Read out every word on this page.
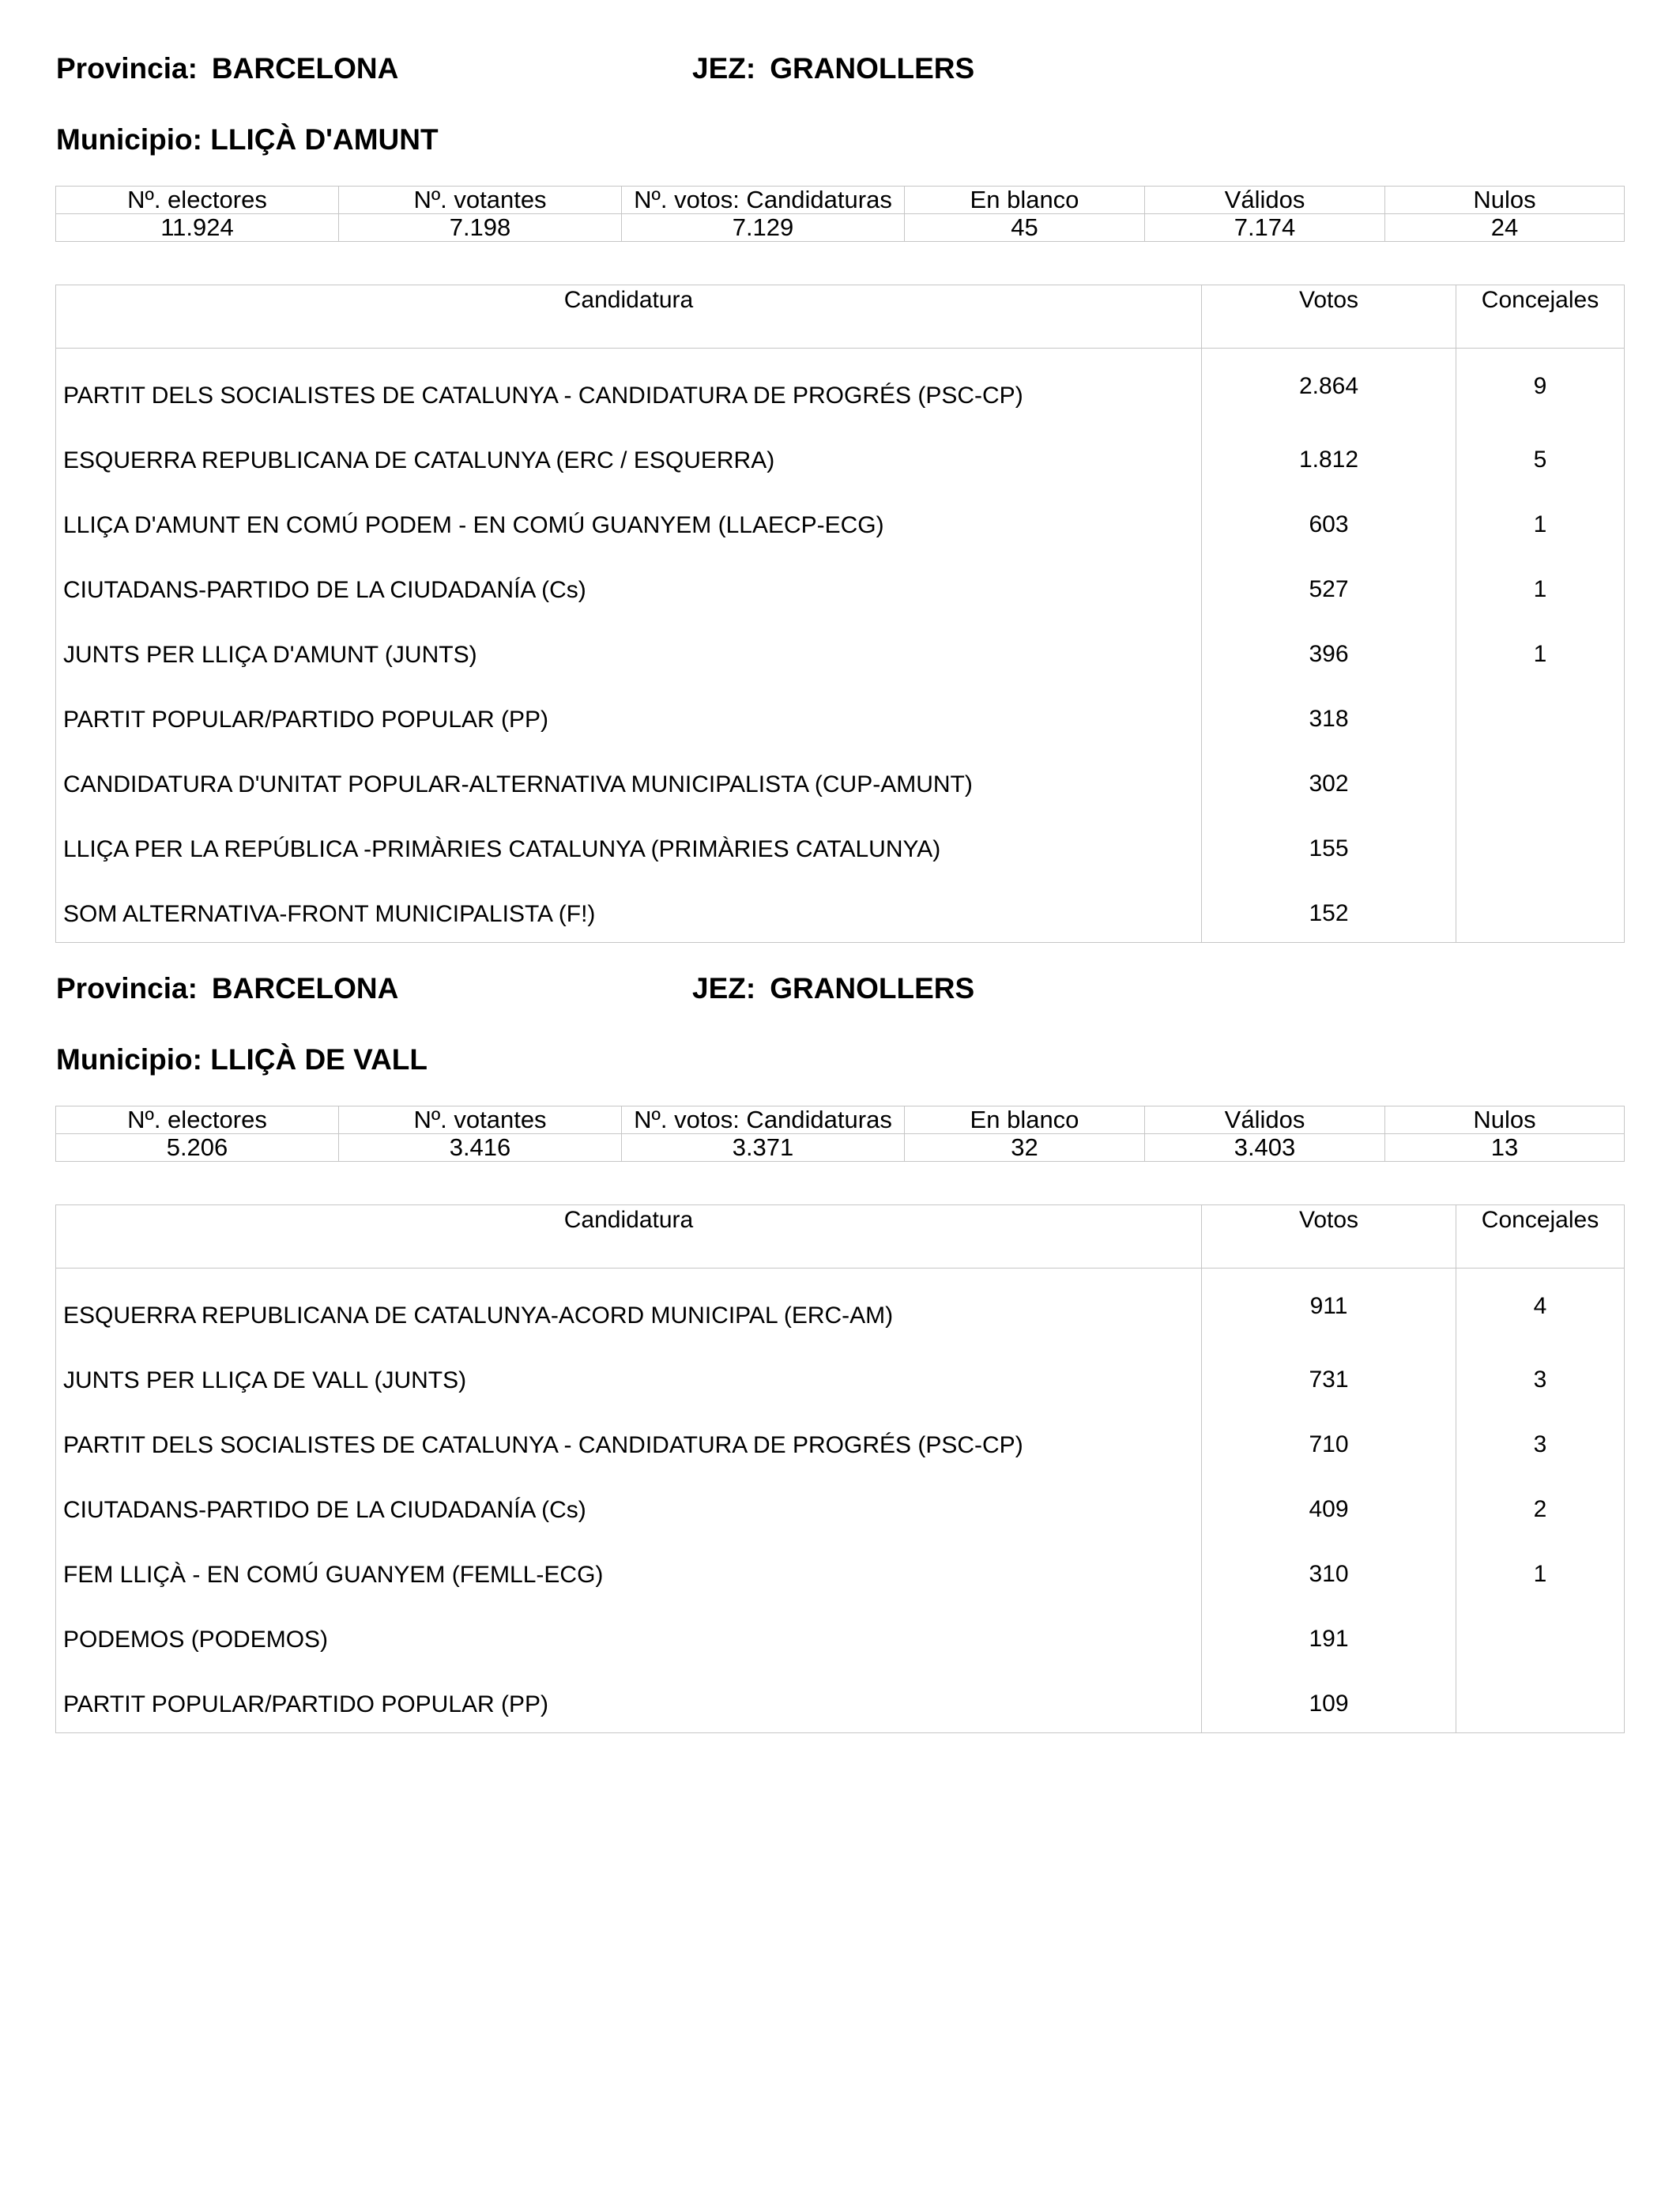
Provincia: BARCELONA	JEZ: GRANOLLERS
Municipio: LLIÇÀ D'AMUNT
Nº. electores	Nº. votantes	Nº. votos: Candidaturas	En blanco	Válidos	Nulos
11.924	7.198	7.129	45	7.174	24
Candidatura	Votos	Concejales
PARTIT DELS SOCIALISTES DE CATALUNYA - CANDIDATURA DE PROGRÉS (PSC-CP)	2.864	9
ESQUERRA REPUBLICANA DE CATALUNYA (ERC / ESQUERRA)	1.812	5
LLIÇA D'AMUNT EN COMÚ PODEM - EN COMÚ GUANYEM (LLAECP-ECG)	603	1
CIUTADANS-PARTIDO DE LA CIUDADANÍA (Cs)	527	1
JUNTS PER LLIÇA D'AMUNT (JUNTS)	396	1
PARTIT POPULAR/PARTIDO POPULAR (PP)	318	
CANDIDATURA D'UNITAT POPULAR-ALTERNATIVA MUNICIPALISTA (CUP-AMUNT)	302	
LLIÇA PER LA REPÚBLICA -PRIMÀRIES CATALUNYA (PRIMÀRIES CATALUNYA)	155	
SOM ALTERNATIVA-FRONT MUNICIPALISTA (F!)	152	
Provincia: BARCELONA	JEZ: GRANOLLERS
Municipio: LLIÇÀ DE VALL
Nº. electores	Nº. votantes	Nº. votos: Candidaturas	En blanco	Válidos	Nulos
5.206	3.416	3.371	32	3.403	13
Candidatura	Votos	Concejales
ESQUERRA REPUBLICANA DE CATALUNYA-ACORD MUNICIPAL (ERC-AM)	911	4
JUNTS PER LLIÇA DE VALL (JUNTS)	731	3
PARTIT DELS SOCIALISTES DE CATALUNYA - CANDIDATURA DE PROGRÉS (PSC-CP)	710	3
CIUTADANS-PARTIDO DE LA CIUDADANÍA (Cs)	409	2
FEM LLIÇÀ - EN COMÚ GUANYEM (FEMLL-ECG)	310	1
PODEMOS (PODEMOS)	191	
PARTIT POPULAR/PARTIDO POPULAR (PP)	109	
